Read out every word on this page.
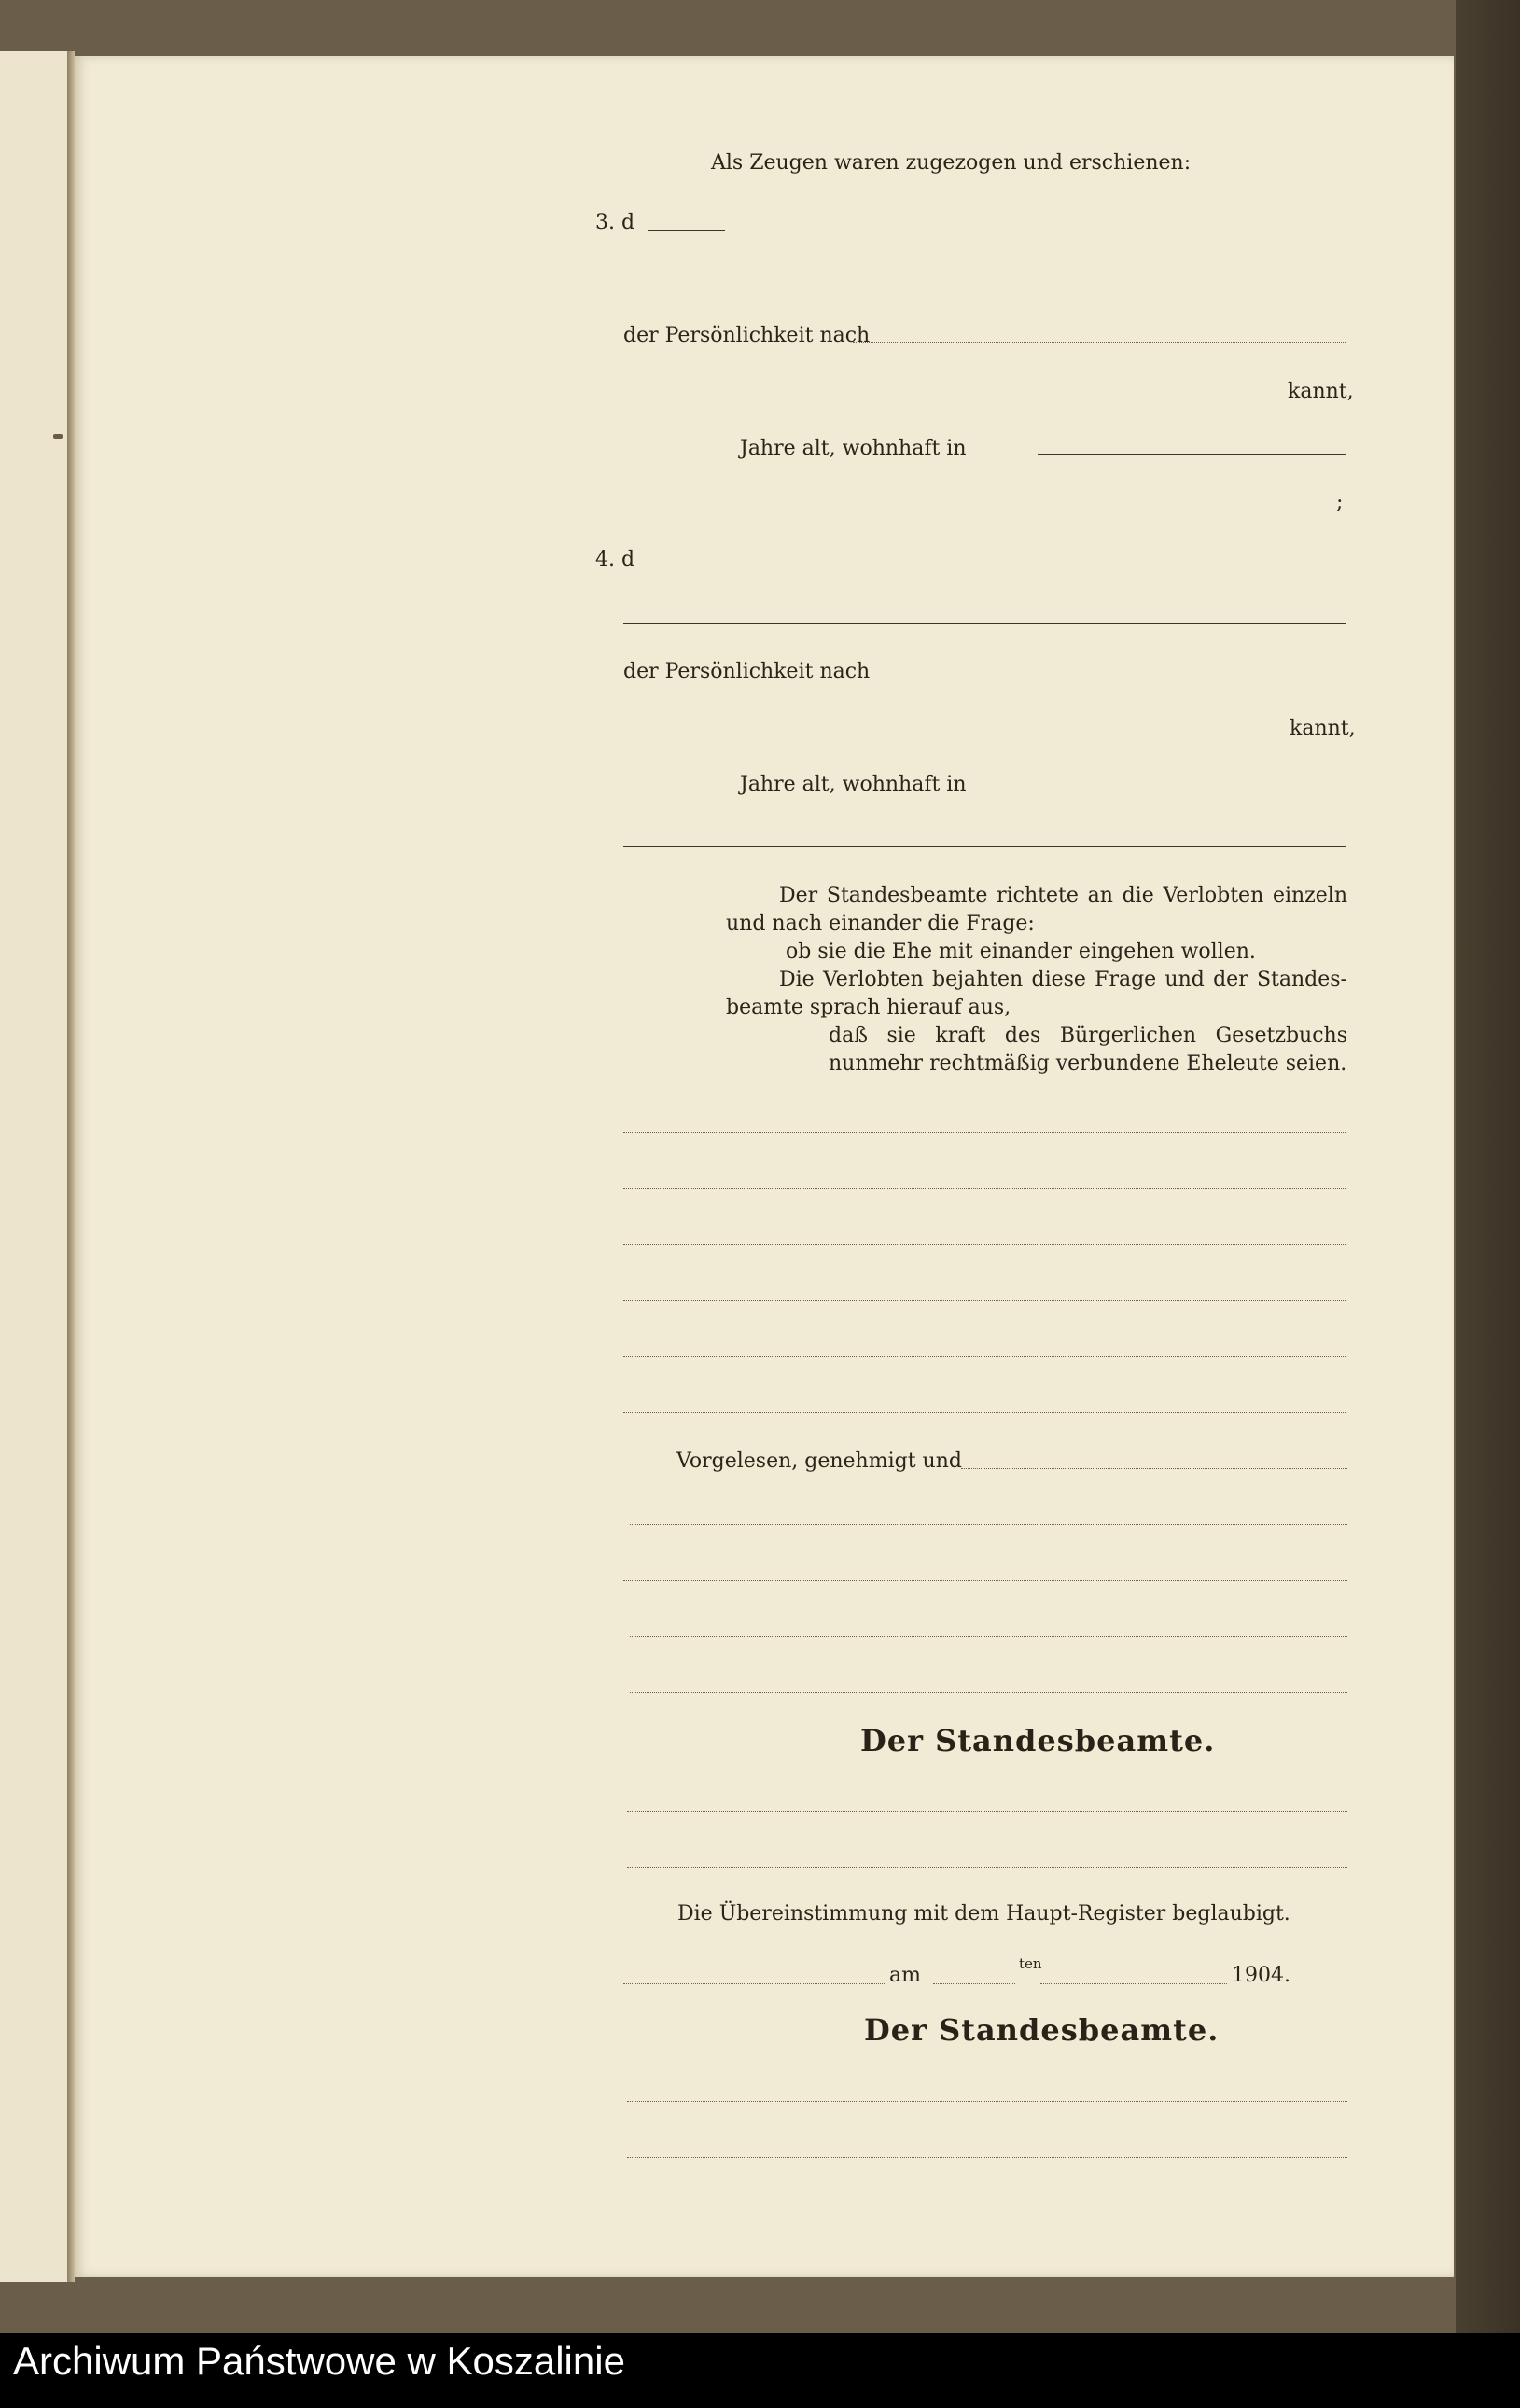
Als Zeugen waren zugezogen und erschienen:
3. d
der Persönlichkeit nach
kannt,
Jahre alt, wohnhaft in
;
4. d
der Persönlichkeit nach
kannt,
Jahre alt, wohnhaft in
Der Standesbeamte richtete an die Verlobten einzeln und nach einander die Frage:
ob sie die Ehe mit einander eingehen wollen.
Die Verlobten bejahten diese Frage und der Standes- beamte sprach hierauf aus,
daß sie kraft des Bürgerlichen Gesetzbuchs nunmehr rechtmäßig verbundene Eheleute seien.
Vorgelesen, genehmigt und
Der Standesbeamte.
Die Übereinstimmung mit dem Haupt-Register beglaubigt.
am	ten	1904.
Der Standesbeamte.
Archiwum Państwowe w Koszalinie
